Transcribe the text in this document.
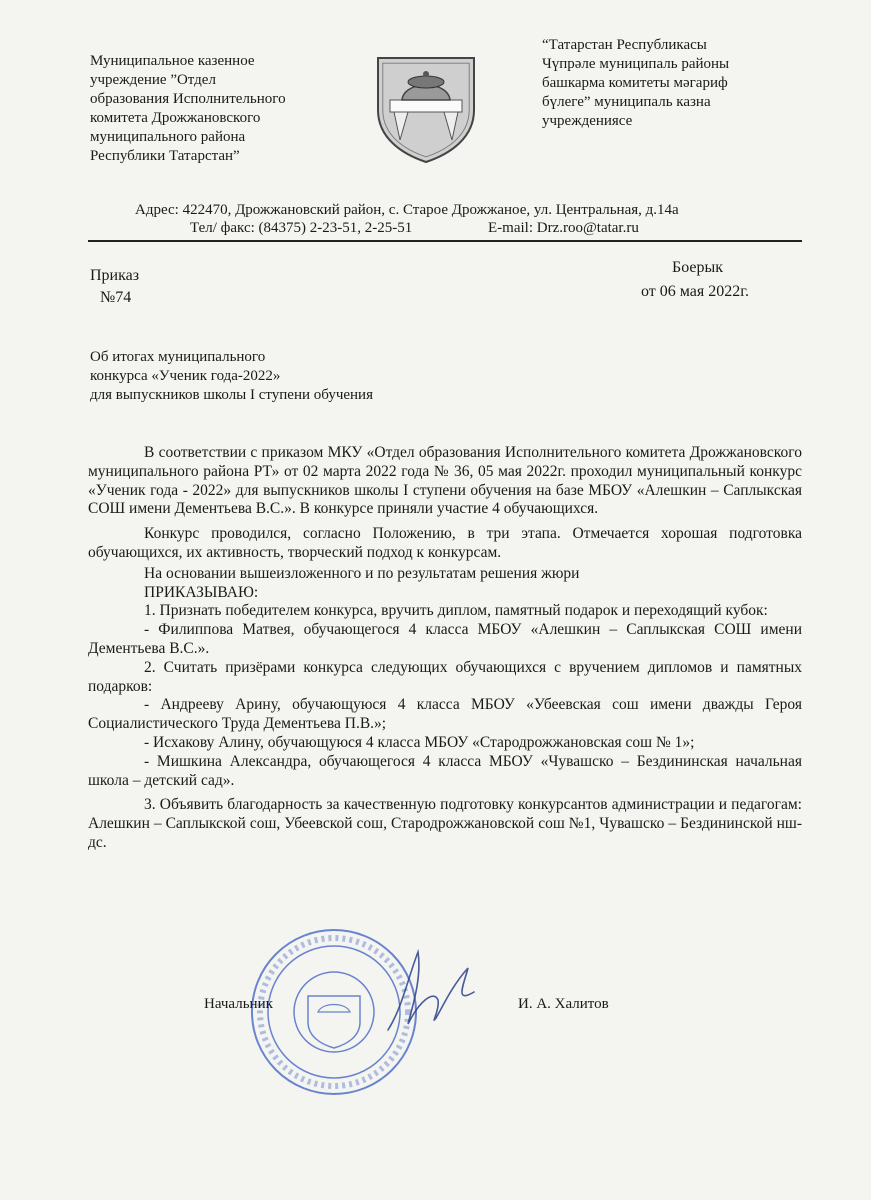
Муниципальное казенное
учреждение ”Отдел
образования Исполнительного
комитета Дрожжановского
муниципального района
Республики Татарстан”
“Татарстан Республикасы
Чүпрәле муниципаль районы
башкарма комитеты мәгариф
бүлеге” муниципаль казна
учреждениясе
Адрес: 422470, Дрожжановский район, с. Старое Дрожжаное, ул. Центральная, д.14а
Тел/ факс: (84375) 2-23-51, 2-25-51	E-mail: Drz.roo@tatar.ru
Приказ
№74
Боерык
от 06 мая 2022г.
Об итогах муниципального
конкурса «Ученик года-2022»
для выпускников школы I ступени обучения

В соответствии с приказом МКУ «Отдел образования Исполнительного комитета Дрожжановского муниципального района РТ» от 02 марта 2022 года № 36, 05 мая 2022г. проходил муниципальный конкурс «Ученик года - 2022» для выпускников школы I ступени обучения на базе МБОУ «Алешкин – Саплыкская СОШ имени Дементьева В.С.». В конкурсе приняли участие 4 обучающихся.

Конкурс проводился, согласно Положению, в три этапа. Отмечается хорошая подготовка обучающихся, их активность, творческий подход к конкурсам.

На основании вышеизложенного и по результатам решения жюри

ПРИКАЗЫВАЮ:

1. Признать победителем конкурса, вручить диплом, памятный подарок и переходящий кубок:

- Филиппова Матвея, обучающегося 4 класса МБОУ «Алешкин – Саплыкская СОШ имени Дементьева В.С.».

2. Считать призёрами конкурса следующих обучающихся с вручением дипломов и памятных подарков:

- Андрееву Арину, обучающуюся 4 класса МБОУ «Убеевская сош имени дважды Героя Социалистического Труда Дементьева П.В.»;

- Исхакову Алину, обучающуюся 4 класса МБОУ «Стародрожжановская сош № 1»;

- Мишкина Александра, обучающегося 4 класса МБОУ «Чувашско – Бездининская начальная школа – детский сад».

3. Объявить благодарность за качественную подготовку конкурсантов администрации и педагогам: Алешкин – Саплыкской сош, Убеевской сош, Стародрожжановской сош №1, Чувашско – Бездининской нш-дс.

Начальник	И. А. Халитов
